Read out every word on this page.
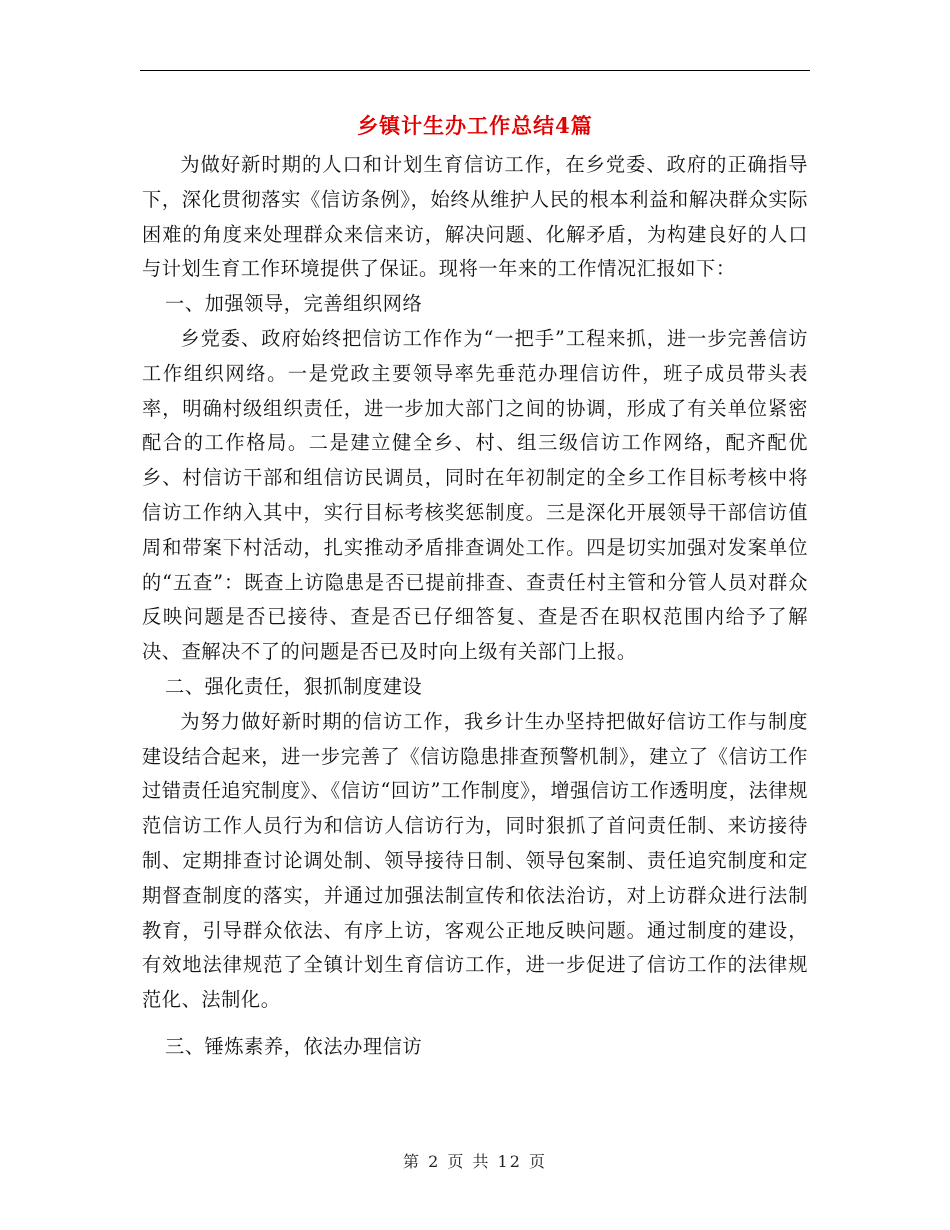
乡镇计生办工作总结4篇

为做好新时期的人口和计划生育信访工作，在乡党委、政府的正确指导下，深化贯彻落实《信访条例》，始终从维护人民的根本利益和解决群众实际困难的角度来处理群众来信来访，解决问题、化解矛盾，为构建良好的人口与计划生育工作环境提供了保证。现将一年来的工作情况汇报如下：

一、加强领导，完善组织网络

乡党委、政府始终把信访工作作为“一把手”工程来抓，进一步完善信访工作组织网络。一是党政主要领导率先垂范办理信访件，班子成员带头表率，明确村级组织责任，进一步加大部门之间的协调，形成了有关单位紧密配合的工作格局。二是建立健全乡、村、组三级信访工作网络，配齐配优乡、村信访干部和组信访民调员，同时在年初制定的全乡工作目标考核中将信访工作纳入其中，实行目标考核奖惩制度。三是深化开展领导干部信访值周和带案下村活动，扎实推动矛盾排查调处工作。四是切实加强对发案单位的“五查”：既查上访隐患是否已提前排查、查责任村主管和分管人员对群众反映问题是否已接待、查是否已仔细答复、查是否在职权范围内给予了解决、查解决不了的问题是否已及时向上级有关部门上报。

二、强化责任，狠抓制度建设

为努力做好新时期的信访工作，我乡计生办坚持把做好信访工作与制度建设结合起来，进一步完善了《信访隐患排查预警机制》，建立了《信访工作过错责任追究制度》、《信访“回访”工作制度》，增强信访工作透明度，法律规范信访工作人员行为和信访人信访行为，同时狠抓了首问责任制、来访接待制、定期排查讨论调处制、领导接待日制、领导包案制、责任追究制度和定期督查制度的落实，并通过加强法制宣传和依法治访，对上访群众进行法制教育，引导群众依法、有序上访，客观公正地反映问题。通过制度的建设，有效地法律规范了全镇计划生育信访工作，进一步促进了信访工作的法律规范化、法制化。

三、锤炼素养，依法办理信访

第 2 页 共 12 页
